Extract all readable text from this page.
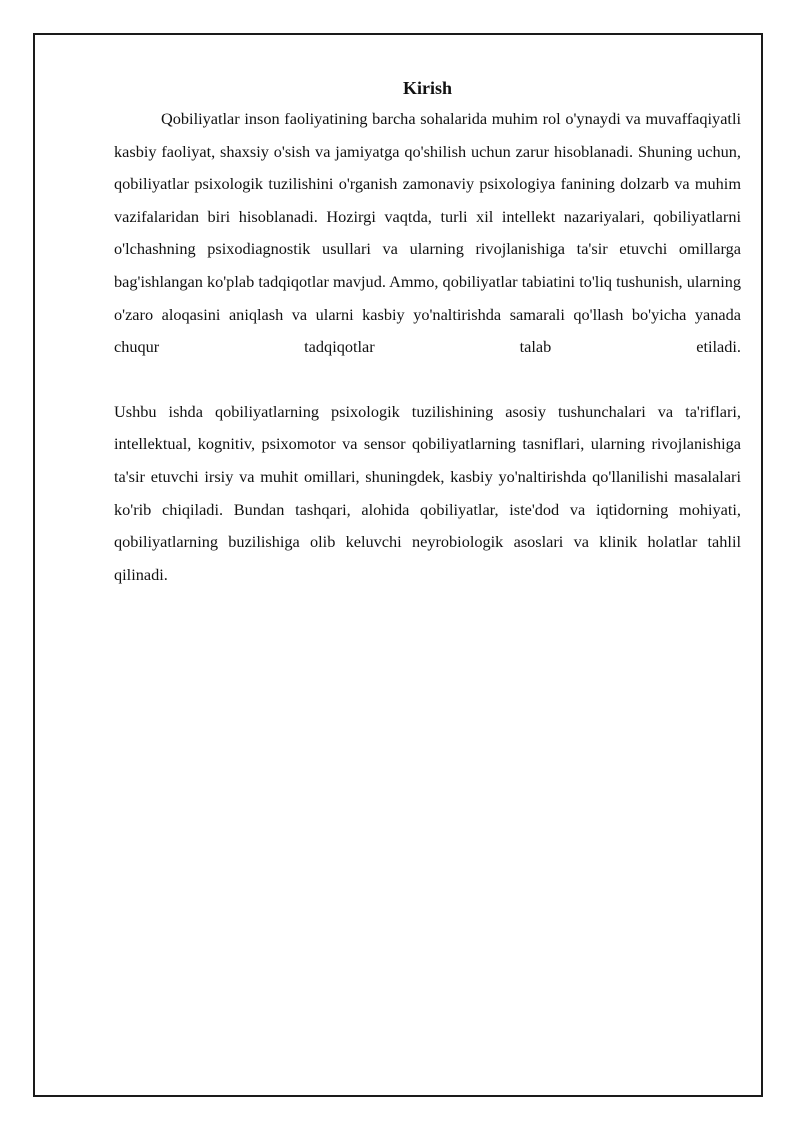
Kirish

Qobiliyatlar inson faoliyatining barcha sohalarida muhim rol o'ynaydi va muvaffaqiyatli kasbiy faoliyat, shaxsiy o'sish va jamiyatga qo'shilish uchun zarur hisoblanadi. Shuning uchun, qobiliyatlar psixologik tuzilishini o'rganish zamonaviy psixologiya fanining dolzarb va muhim vazifalaridan biri hisoblanadi. Hozirgi vaqtda, turli xil intellekt nazariyalari, qobiliyatlarni o'lchashning psixodiagnostik usullari va ularning rivojlanishiga ta'sir etuvchi omillarga bag'ishlangan ko'plab tadqiqotlar mavjud. Ammo, qobiliyatlar tabiatini to'liq tushunish, ularning o'zaro aloqasini aniqlash va ularni kasbiy yo'naltirishda samarali qo'llash bo'yicha yanada chuqur tadqiqotlar talab etiladi.

Ushbu ishda qobiliyatlarning psixologik tuzilishining asosiy tushunchalari va ta'riflari, intellektual, kognitiv, psixomotor va sensor qobiliyatlarning tasniflari, ularning rivojlanishiga ta'sir etuvchi irsiy va muhit omillari, shuningdek, kasbiy yo'naltirishda qo'llanilishi masalalari ko'rib chiqiladi. Bundan tashqari, alohida qobiliyatlar, iste'dod va iqtidorning mohiyati, qobiliyatlarning buzilishiga olib keluvchi neyrobiologik asoslari va klinik holatlar tahlil qilinadi.
